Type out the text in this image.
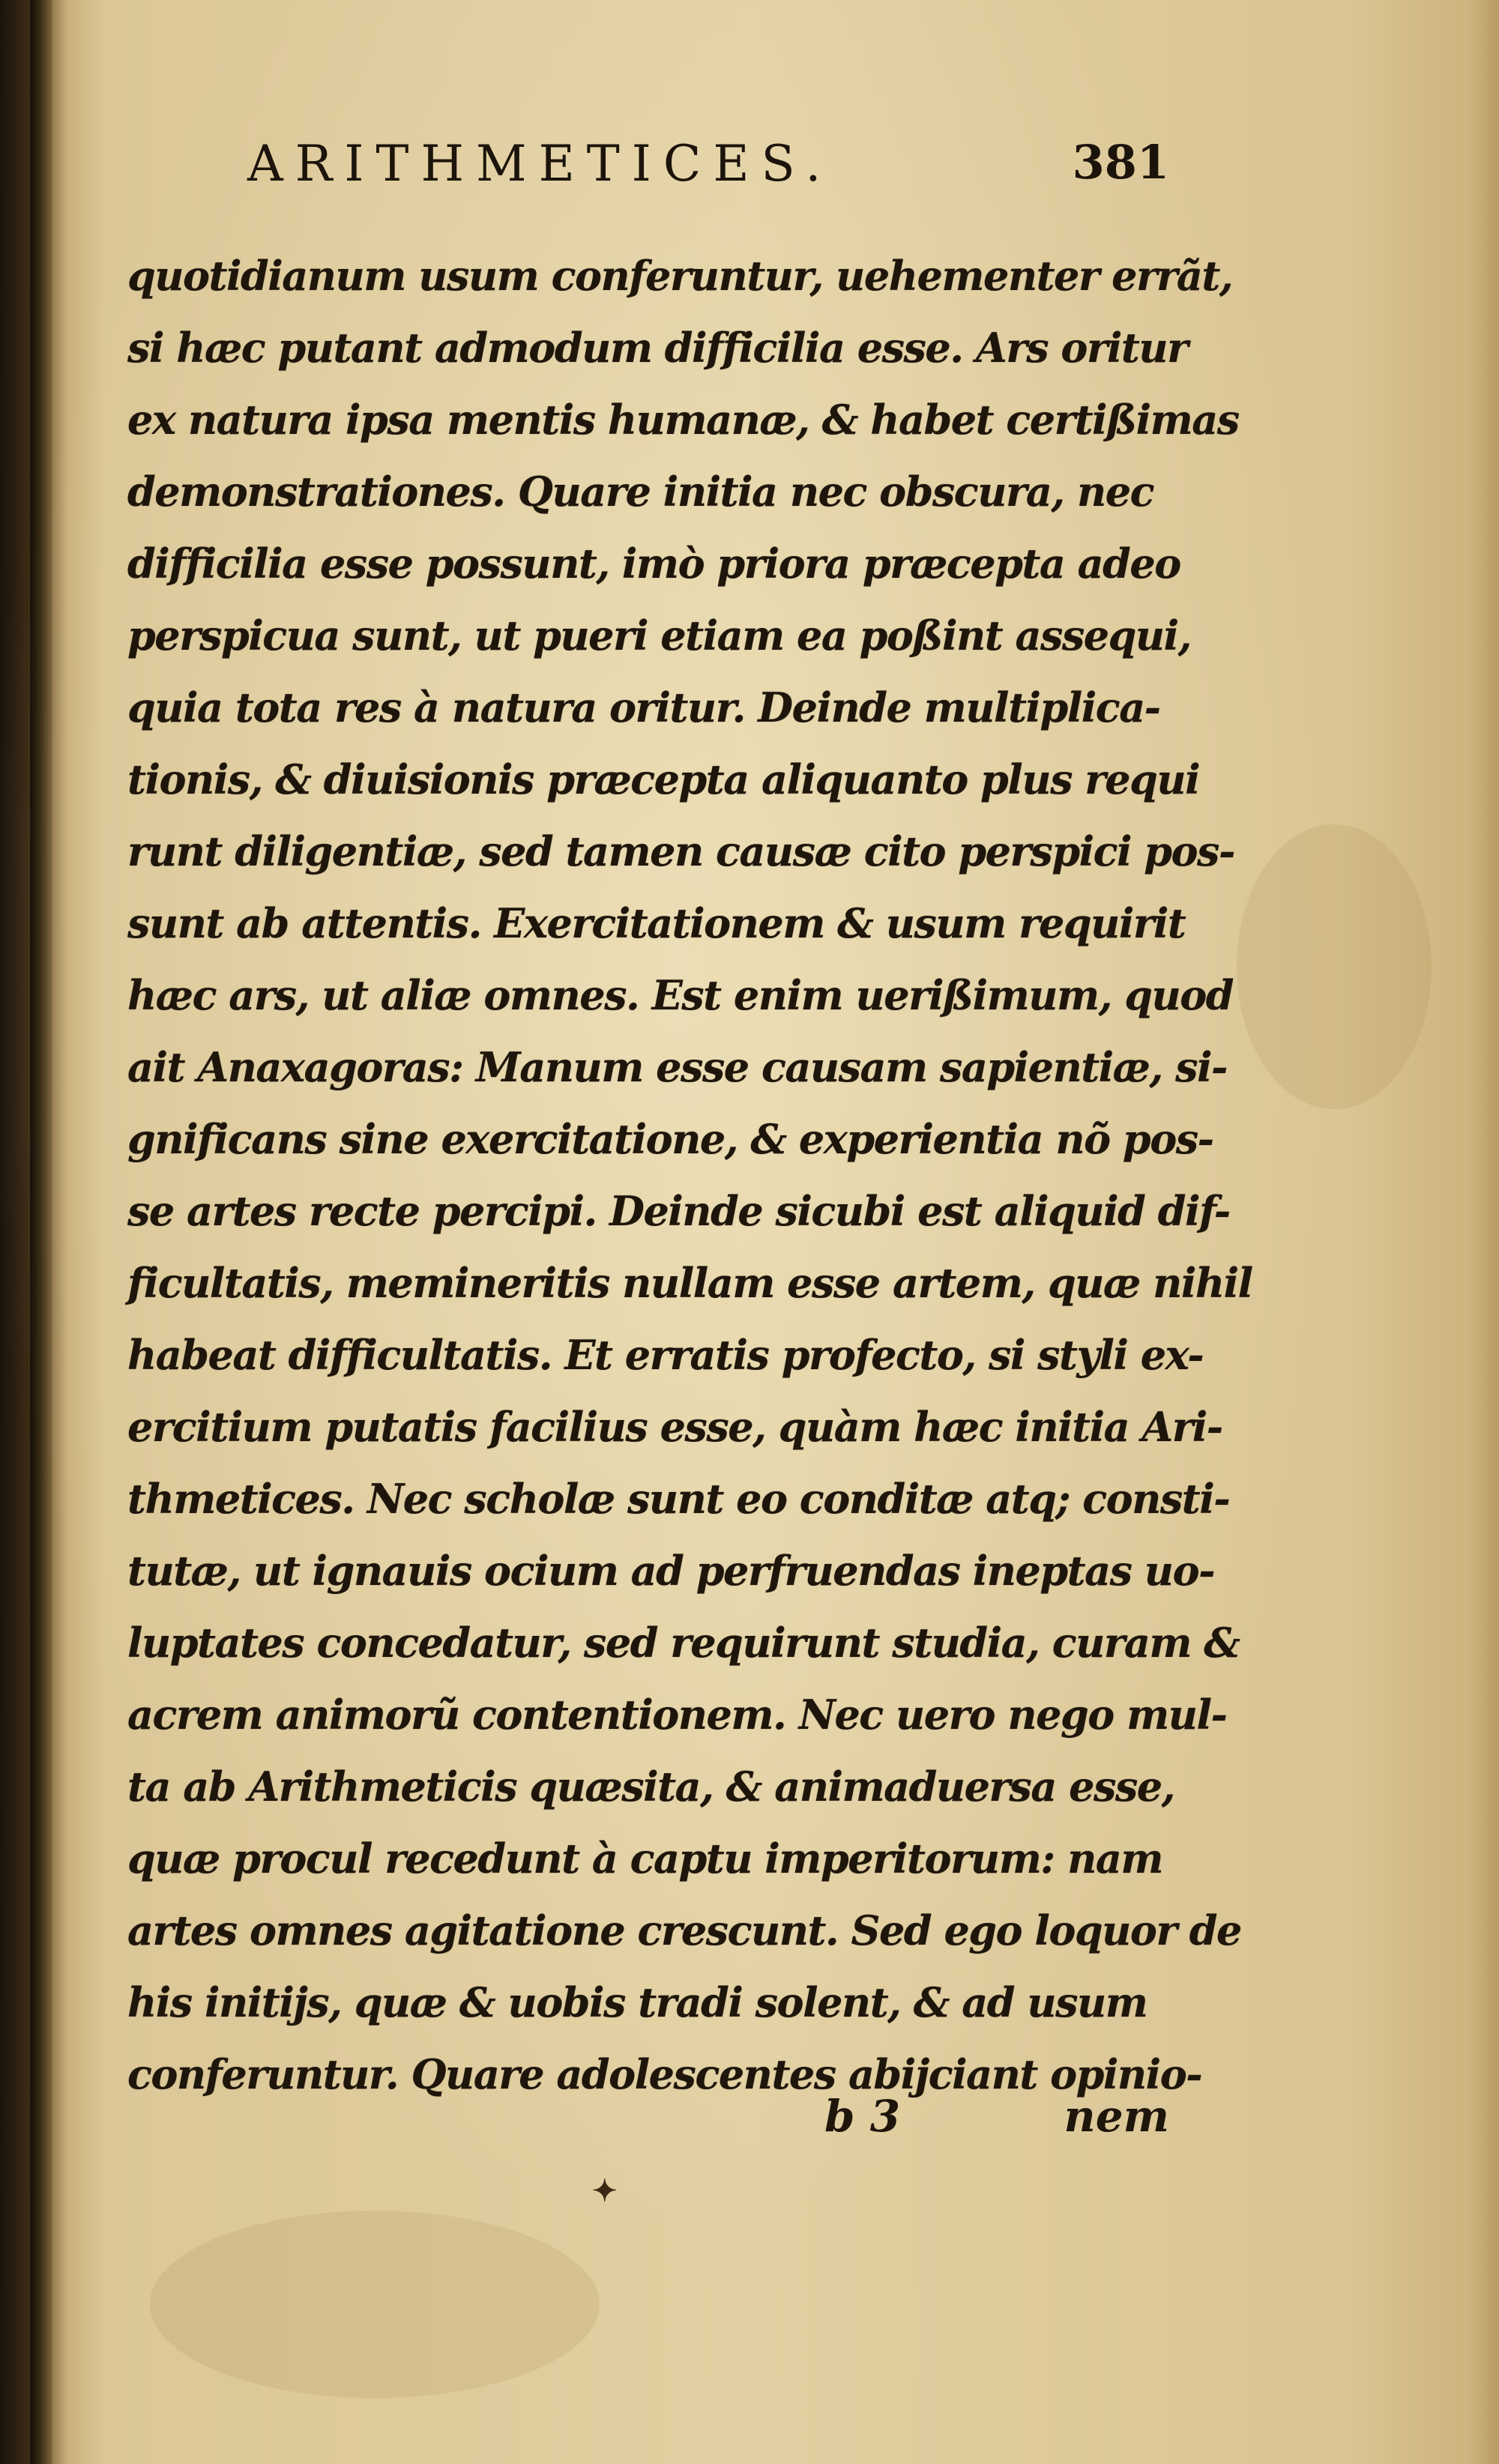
ARITHMETICES.	381
quotidianum usum conferuntur, uehementer errãt,
si hæc putant admodum difficilia esse. Ars oritur
ex natura ipsa mentis humanæ, & habet certißimas
demonstrationes. Quare initia nec obscura, nec
difficilia esse possunt, imò priora præcepta adeo
perspicua sunt, ut pueri etiam ea poßint assequi,
quia tota res à natura oritur. Deinde multiplica-
tionis, & diuisionis præcepta aliquanto plus requi
runt diligentiæ, sed tamen causæ cito perspici pos-
sunt ab attentis. Exercitationem & usum requirit
hæc ars, ut aliæ omnes. Est enim uerißimum, quod
ait Anaxagoras: Manum esse causam sapientiæ, si-
gnificans sine exercitatione, & experientia nõ pos-
se artes recte percipi. Deinde sicubi est aliquid dif-
ficultatis, memineritis nullam esse artem, quæ nihil
habeat difficultatis. Et erratis profecto, si styli ex-
ercitium putatis facilius esse, quàm hæc initia Ari-
thmetices. Nec scholæ sunt eo conditæ atq; consti-
tutæ, ut ignauis ocium ad perfruendas ineptas uo-
luptates concedatur, sed requirunt studia, curam &
acrem animorũ contentionem. Nec uero nego mul-
ta ab Arithmeticis quæsita, & animaduersa esse,
quæ procul recedunt à captu imperitorum: nam
artes omnes agitatione crescunt. Sed ego loquor de
his initijs, quæ & uobis tradi solent, & ad usum
conferuntur. Quare adolescentes abijciant opinio-
b 3	nem
✦
